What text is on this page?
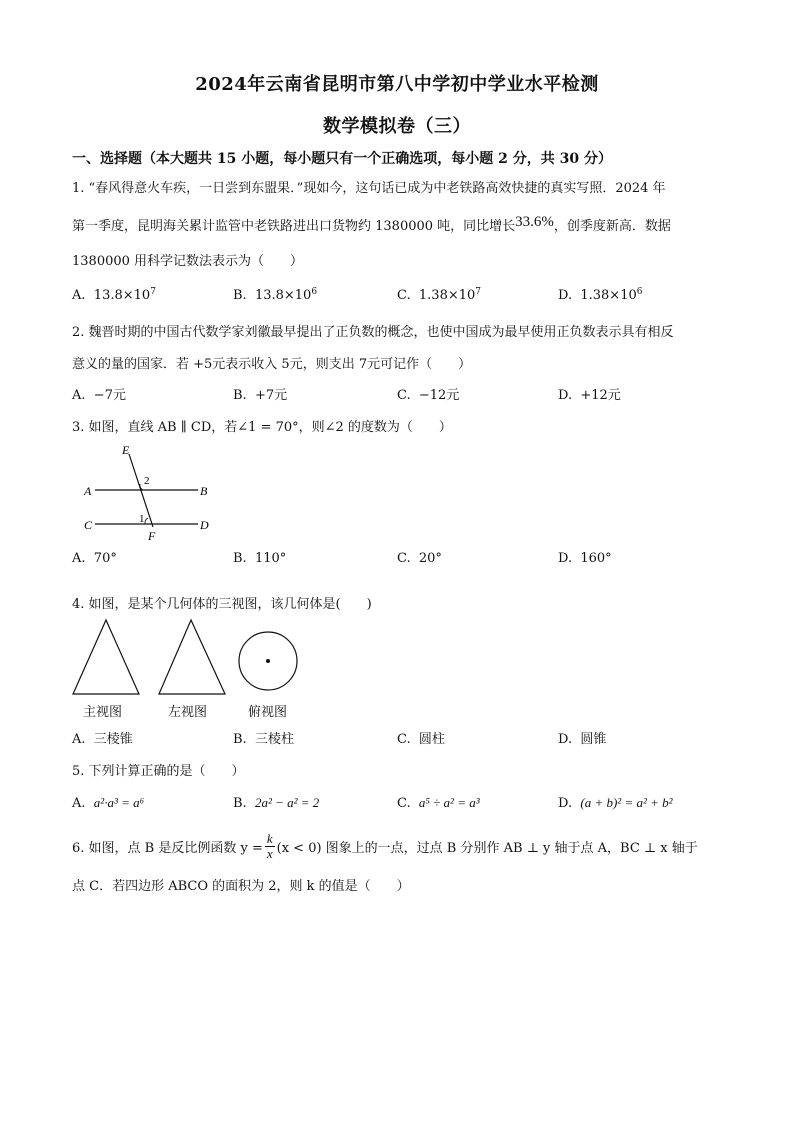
2024年云南省昆明市第八中学初中学业水平检测
数学模拟卷（三）
一、选择题（本大题共 15 小题，每小题只有一个正确选项，每小题 2 分，共 30 分）
1. “春风得意火车疾，一日尝到东盟果．”现如今，这句话已成为中老铁路高效快捷的真实写照．2024 年
第一季度，昆明海关累计监管中老铁路进出口货物约 1380000 吨，同比增长33.6%，创季度新高．数据
1380000 用科学记数法表示为（　　）
A. $13.8\times 10^7$	B. $13.8\times 10^6$	C. $1.38\times 10^7$	D. $1.38\times 10^6$
2. 魏晋时期的中国古代数学家刘徽最早提出了正负数的概念，也使中国成为最早使用正负数表示具有相反
意义的量的国家．若 +5元表示收入 5元，则支出 7元可记作（　　）
A. −7元	B. +7元	C. −12元	D. +12元
3. 如图，直线 AB ∥ CD，若∠1 = 70°，则∠2 的度数为（　　）
E
A	B
C	D
F
2
1
A. 70°	B. 110°	C. 20°	D. 160°
4. 如图，是某个几何体的三视图，该几何体是(　　)
主视图	左视图	俯视图
A. 三棱锥	B. 三棱柱	C. 圆柱	D. 圆锥
5. 下列计算正确的是（　　）
A. a²·a³ = a⁶	B. 2a² − a² = 2	C. a⁵ ÷ a² = a³	D. (a + b)² = a² + b²
6. 如图，点 B 是反比例函数 $y = \frac{k}{x} (x < 0)$ 图象上的一点，过点 B 分别作 AB ⊥ y 轴于点 A，BC ⊥ x 轴于
点 C．若四边形 ABCO 的面积为 2，则 k 的值是（　　）
